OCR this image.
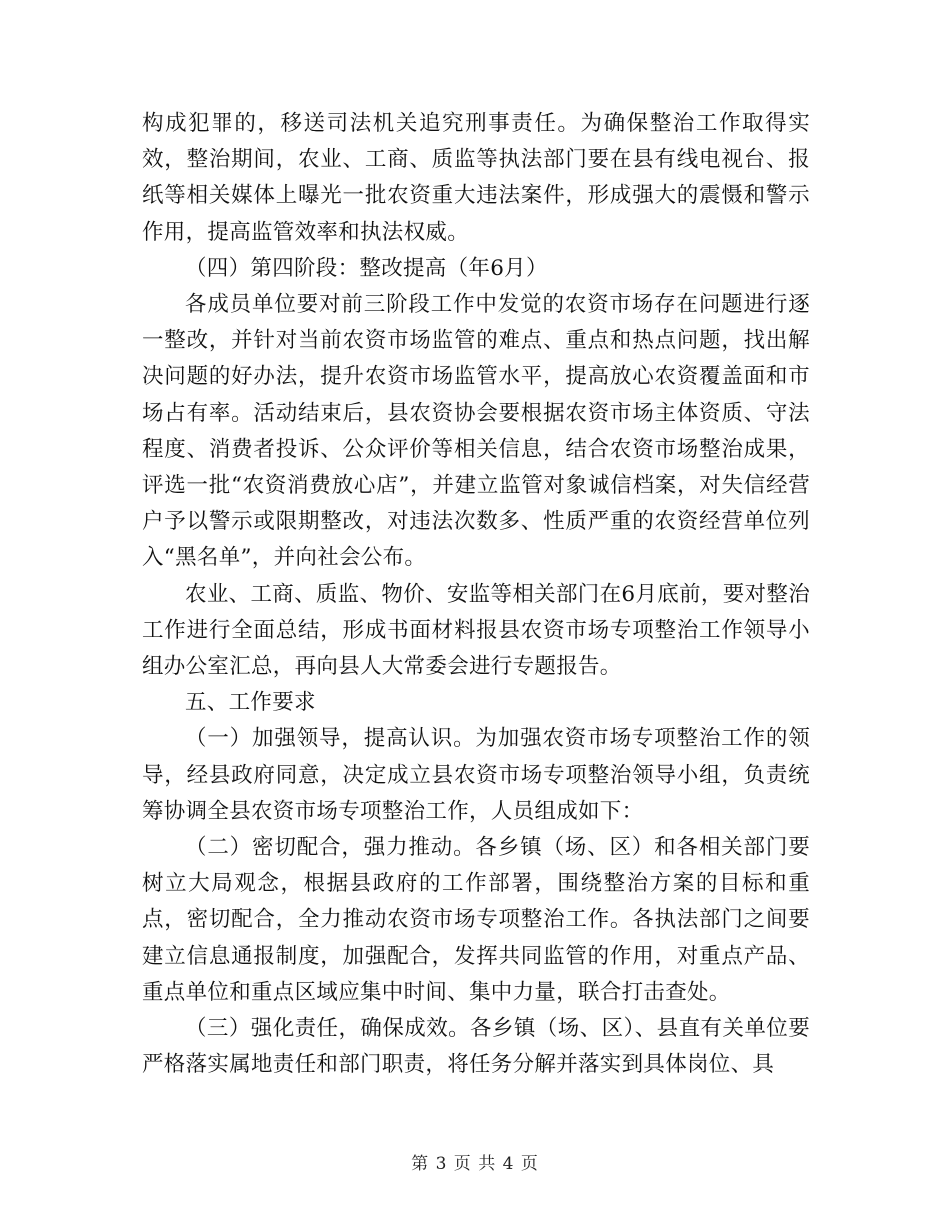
构成犯罪的，移送司法机关追究刑事责任。为确保整治工作取得实效，整治期间，农业、工商、质监等执法部门要在县有线电视台、报纸等相关媒体上曝光一批农资重大违法案件，形成强大的震慑和警示作用，提高监管效率和执法权威。

（四）第四阶段：整改提高（年6月）

各成员单位要对前三阶段工作中发觉的农资市场存在问题进行逐一整改，并针对当前农资市场监管的难点、重点和热点问题，找出解决问题的好办法，提升农资市场监管水平，提高放心农资覆盖面和市场占有率。活动结束后，县农资协会要根据农资市场主体资质、守法程度、消费者投诉、公众评价等相关信息，结合农资市场整治成果，评选一批“农资消费放心店”，并建立监管对象诚信档案，对失信经营户予以警示或限期整改，对违法次数多、性质严重的农资经营单位列入“黑名单”，并向社会公布。

农业、工商、质监、物价、安监等相关部门在6月底前，要对整治工作进行全面总结，形成书面材料报县农资市场专项整治工作领导小组办公室汇总，再向县人大常委会进行专题报告。

五、工作要求

（一）加强领导，提高认识。为加强农资市场专项整治工作的领导，经县政府同意，决定成立县农资市场专项整治领导小组，负责统筹协调全县农资市场专项整治工作，人员组成如下：

（二）密切配合，强力推动。各乡镇（场、区）和各相关部门要树立大局观念，根据县政府的工作部署，围绕整治方案的目标和重点，密切配合，全力推动农资市场专项整治工作。各执法部门之间要建立信息通报制度，加强配合，发挥共同监管的作用，对重点产品、重点单位和重点区域应集中时间、集中力量，联合打击查处。

（三）强化责任，确保成效。各乡镇（场、区）、县直有关单位要严格落实属地责任和部门职责，将任务分解并落实到具体岗位、具

第 3 页 共 4 页
